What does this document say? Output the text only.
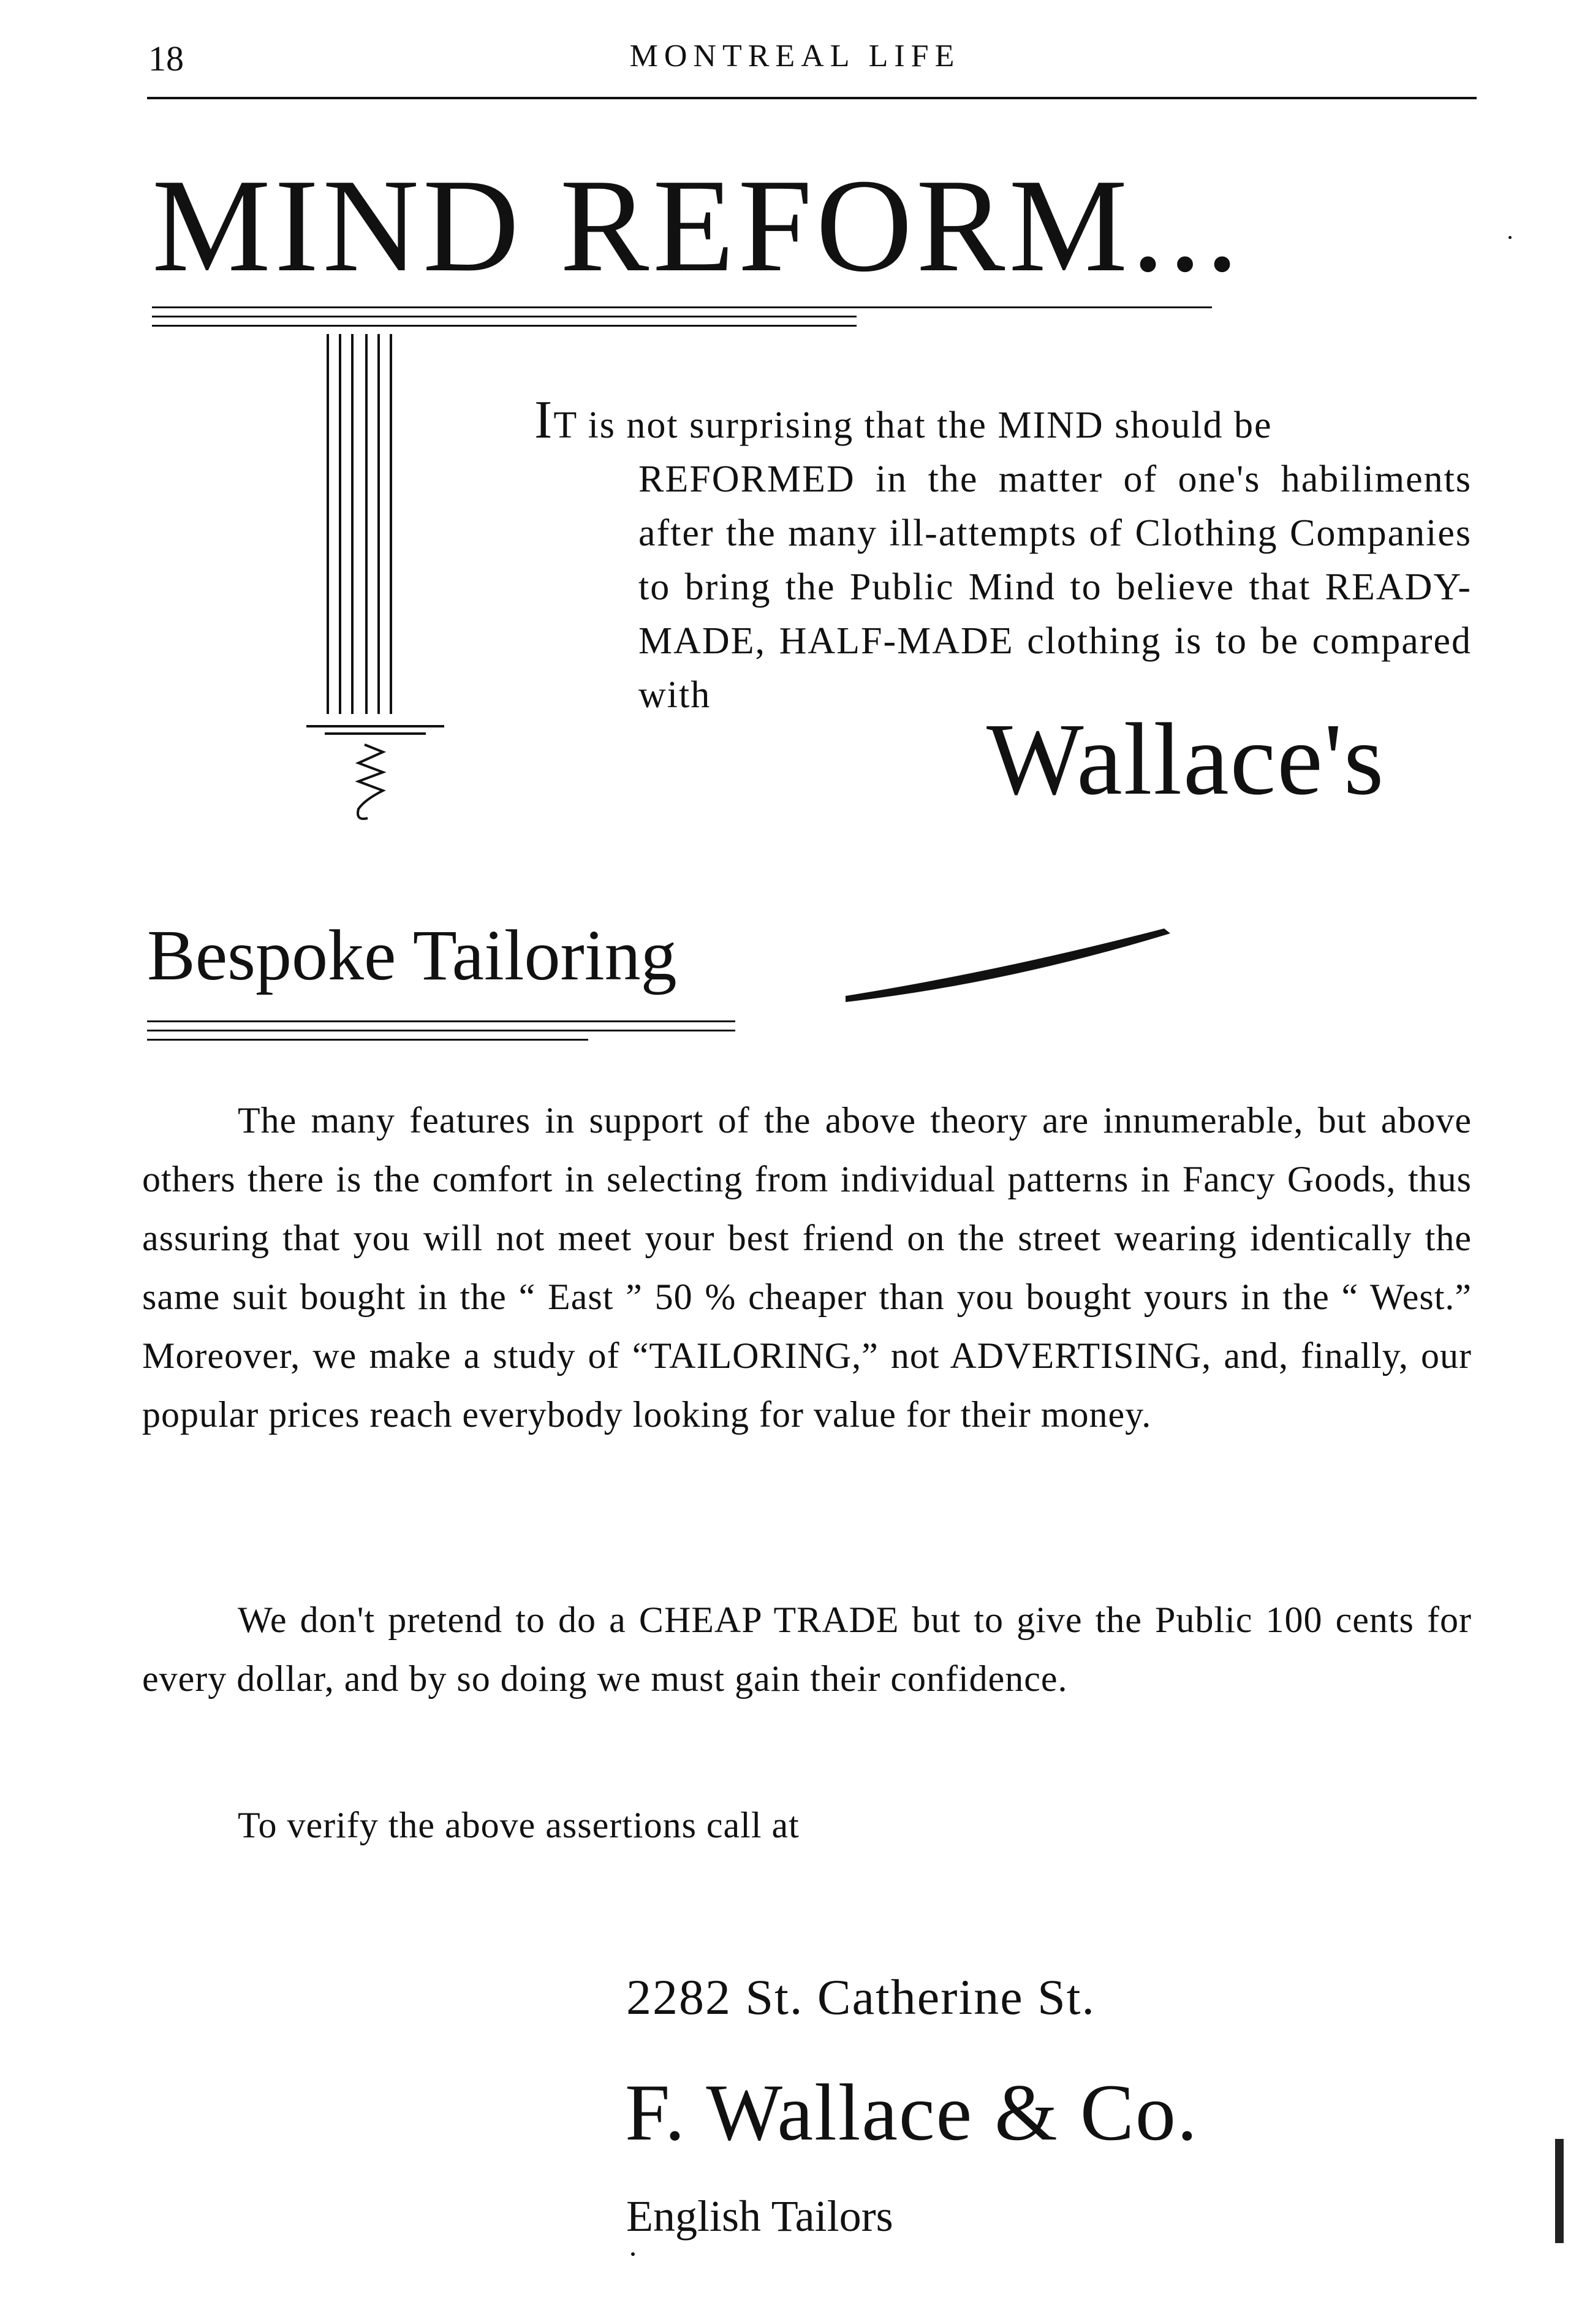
18	MONTREAL LIFE
MIND REFORM...
IT is not surprising that the MIND should be
REFORMED in the matter of one's habiliments after the many ill-attempts of Clothing Companies to bring the Public Mind to believe that READY-MADE, HALF-MADE clothing is to be compared with
Wallace's
Bespoke Tailoring
The many features in support of the above theory are innumerable, but above others there is the comfort in selecting from individual patterns in Fancy Goods, thus assuring that you will not meet your best friend on the street wearing identically the same suit bought in the “ East ” 50 % cheaper than you bought yours in the “ West.” Moreover, we make a study of “TAILORING,” not ADVERTISING, and, finally, our popular prices reach everybody looking for value for their money.
We don't pretend to do a CHEAP TRADE but to give the Public 100 cents for every dollar, and by so doing we must gain their confidence.
To verify the above assertions call at
2282 St. Catherine St.
F. Wallace & Co.
English Tailors
